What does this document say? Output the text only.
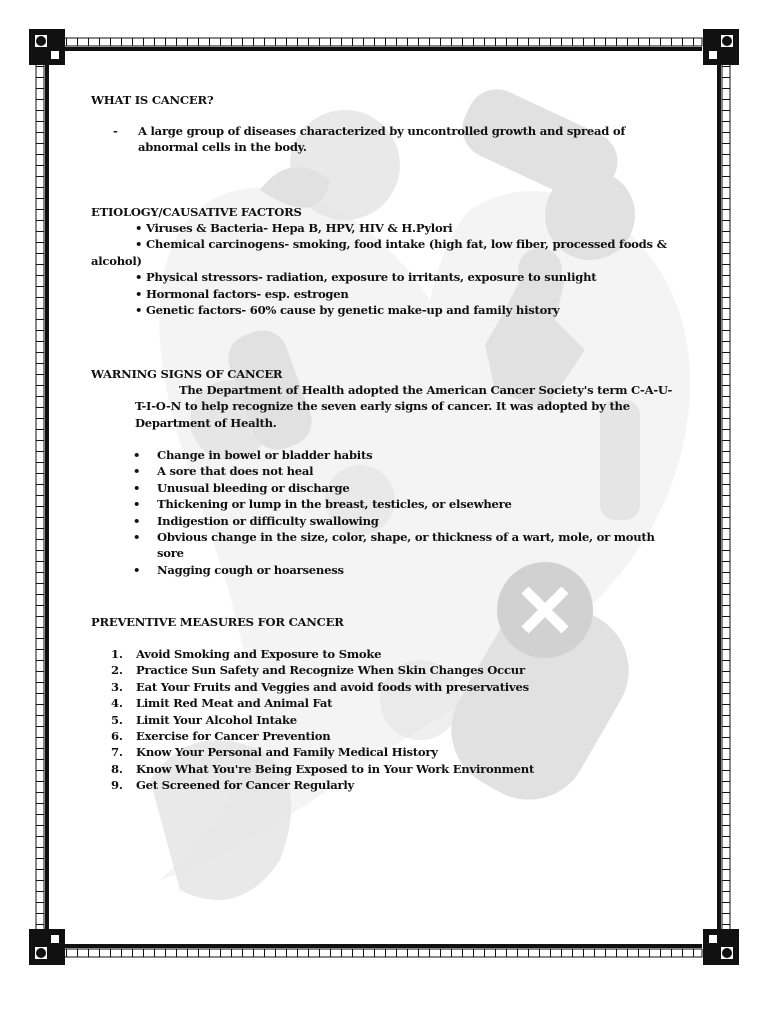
WHAT IS CANCER?
- A large group of diseases characterized by uncontrolled growth and spread of abnormal cells in the body.
ETIOLOGY/CAUSATIVE FACTORS
• Viruses & Bacteria- Hepa B, HPV, HIV & H.Pylori
• Chemical carcinogens- smoking, food intake (high fat, low fiber, processed foods & alcohol)
• Physical stressors- radiation, exposure to irritants, exposure to sunlight
• Hormonal factors- esp. estrogen
• Genetic factors- 60% cause by genetic make-up and family history
WARNING SIGNS OF CANCER
The Department of Health adopted the American Cancer Society's term C-A-U-T-I-O-N to help recognize the seven early signs of cancer. It was adopted by the Department of Health.
• Change in bowel or bladder habits
• A sore that does not heal
• Unusual bleeding or discharge
• Thickening or lump in the breast, testicles, or elsewhere
• Indigestion or difficulty swallowing
• Obvious change in the size, color, shape, or thickness of a wart, mole, or mouth sore
• Nagging cough or hoarseness
PREVENTIVE MEASURES FOR CANCER
1. Avoid Smoking and Exposure to Smoke
2. Practice Sun Safety and Recognize When Skin Changes Occur
3. Eat Your Fruits and Veggies and avoid foods with preservatives
4. Limit Red Meat and Animal Fat
5. Limit Your Alcohol Intake
6. Exercise for Cancer Prevention
7. Know Your Personal and Family Medical History
8. Know What You're Being Exposed to in Your Work Environment
9. Get Screened for Cancer Regularly
